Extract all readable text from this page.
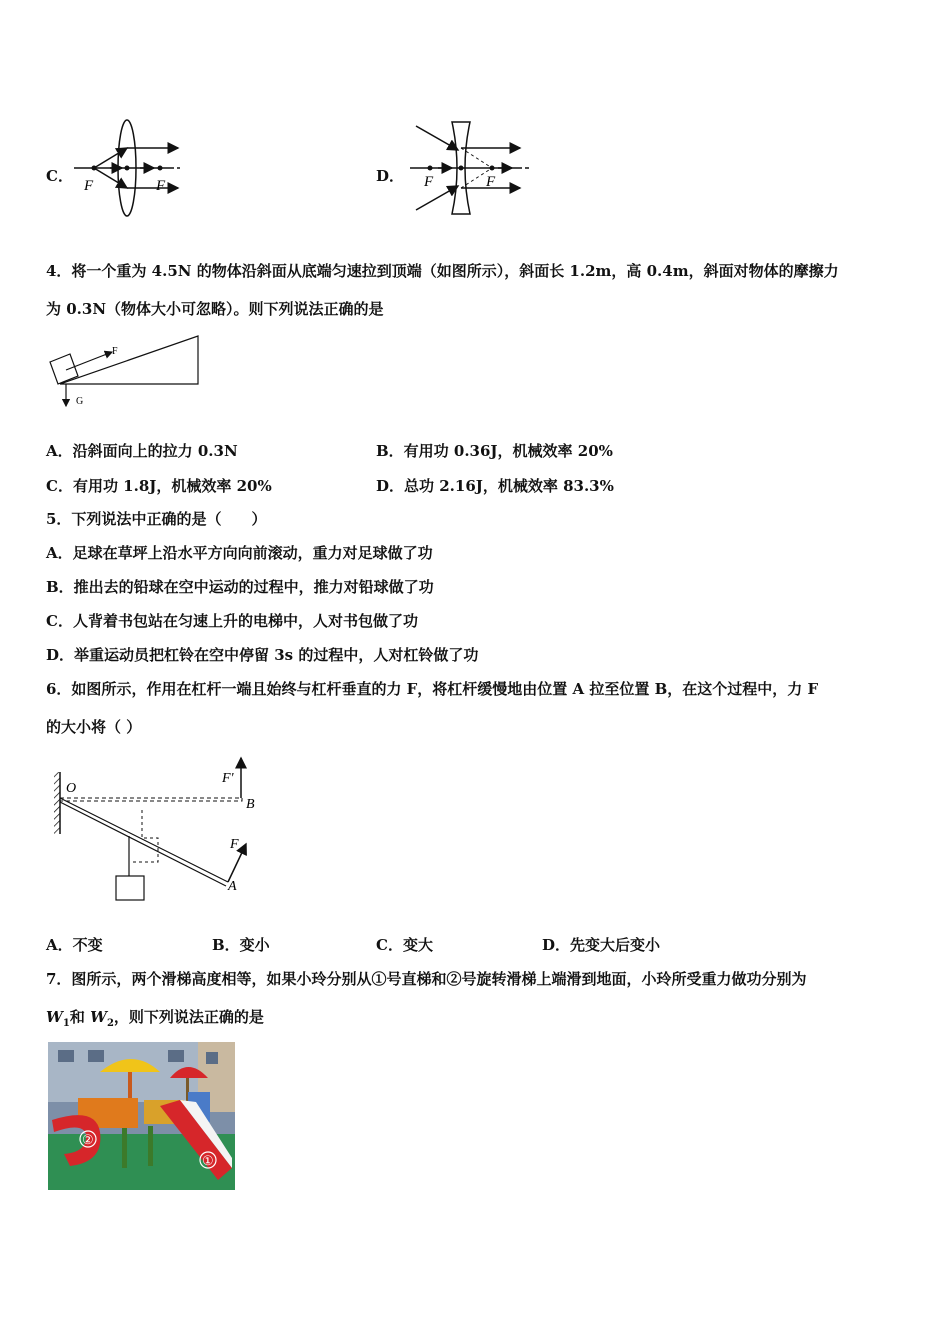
C．
F	F
D． F	F
4．将一个重为 4.5N 的物体沿斜面从底端匀速拉到顶端（如图所示），斜面长 1.2m，高 0.4m，斜面对物体的摩擦力
为 0.3N（物体大小可忽略）。则下列说法正确的是
F
G
A．沿斜面向上的拉力 0.3N	B．有用功 0.36J，机械效率 20%
C．有用功 1.8J，机械效率 20%	D．总功 2.16J，机械效率 83.3%
5．下列说法中正确的是（　　）
A．足球在草坪上沿水平方向向前滚动，重力对足球做了功
B．推出去的铅球在空中运动的过程中，推力对铅球做了功
C．人背着书包站在匀速上升的电梯中，人对书包做了功
D．举重运动员把杠铃在空中停留 3s 的过程中，人对杠铃做了功
6．如图所示，作用在杠杆一端且始终与杠杆垂直的力 F，将杠杆缓慢地由位置 A 拉至位置 B，在这个过程中，力 F
的大小将（ ）
O
B
F'
F
A
A．不变	B．变小	C．变大	D．先变大后变小
7．图所示，两个滑梯高度相等，如果小玲分别从①号直梯和②号旋转滑梯上端滑到地面，小玲所受重力做功分别为
$W_1$和 $W_2$，则下列说法正确的是
②
①
